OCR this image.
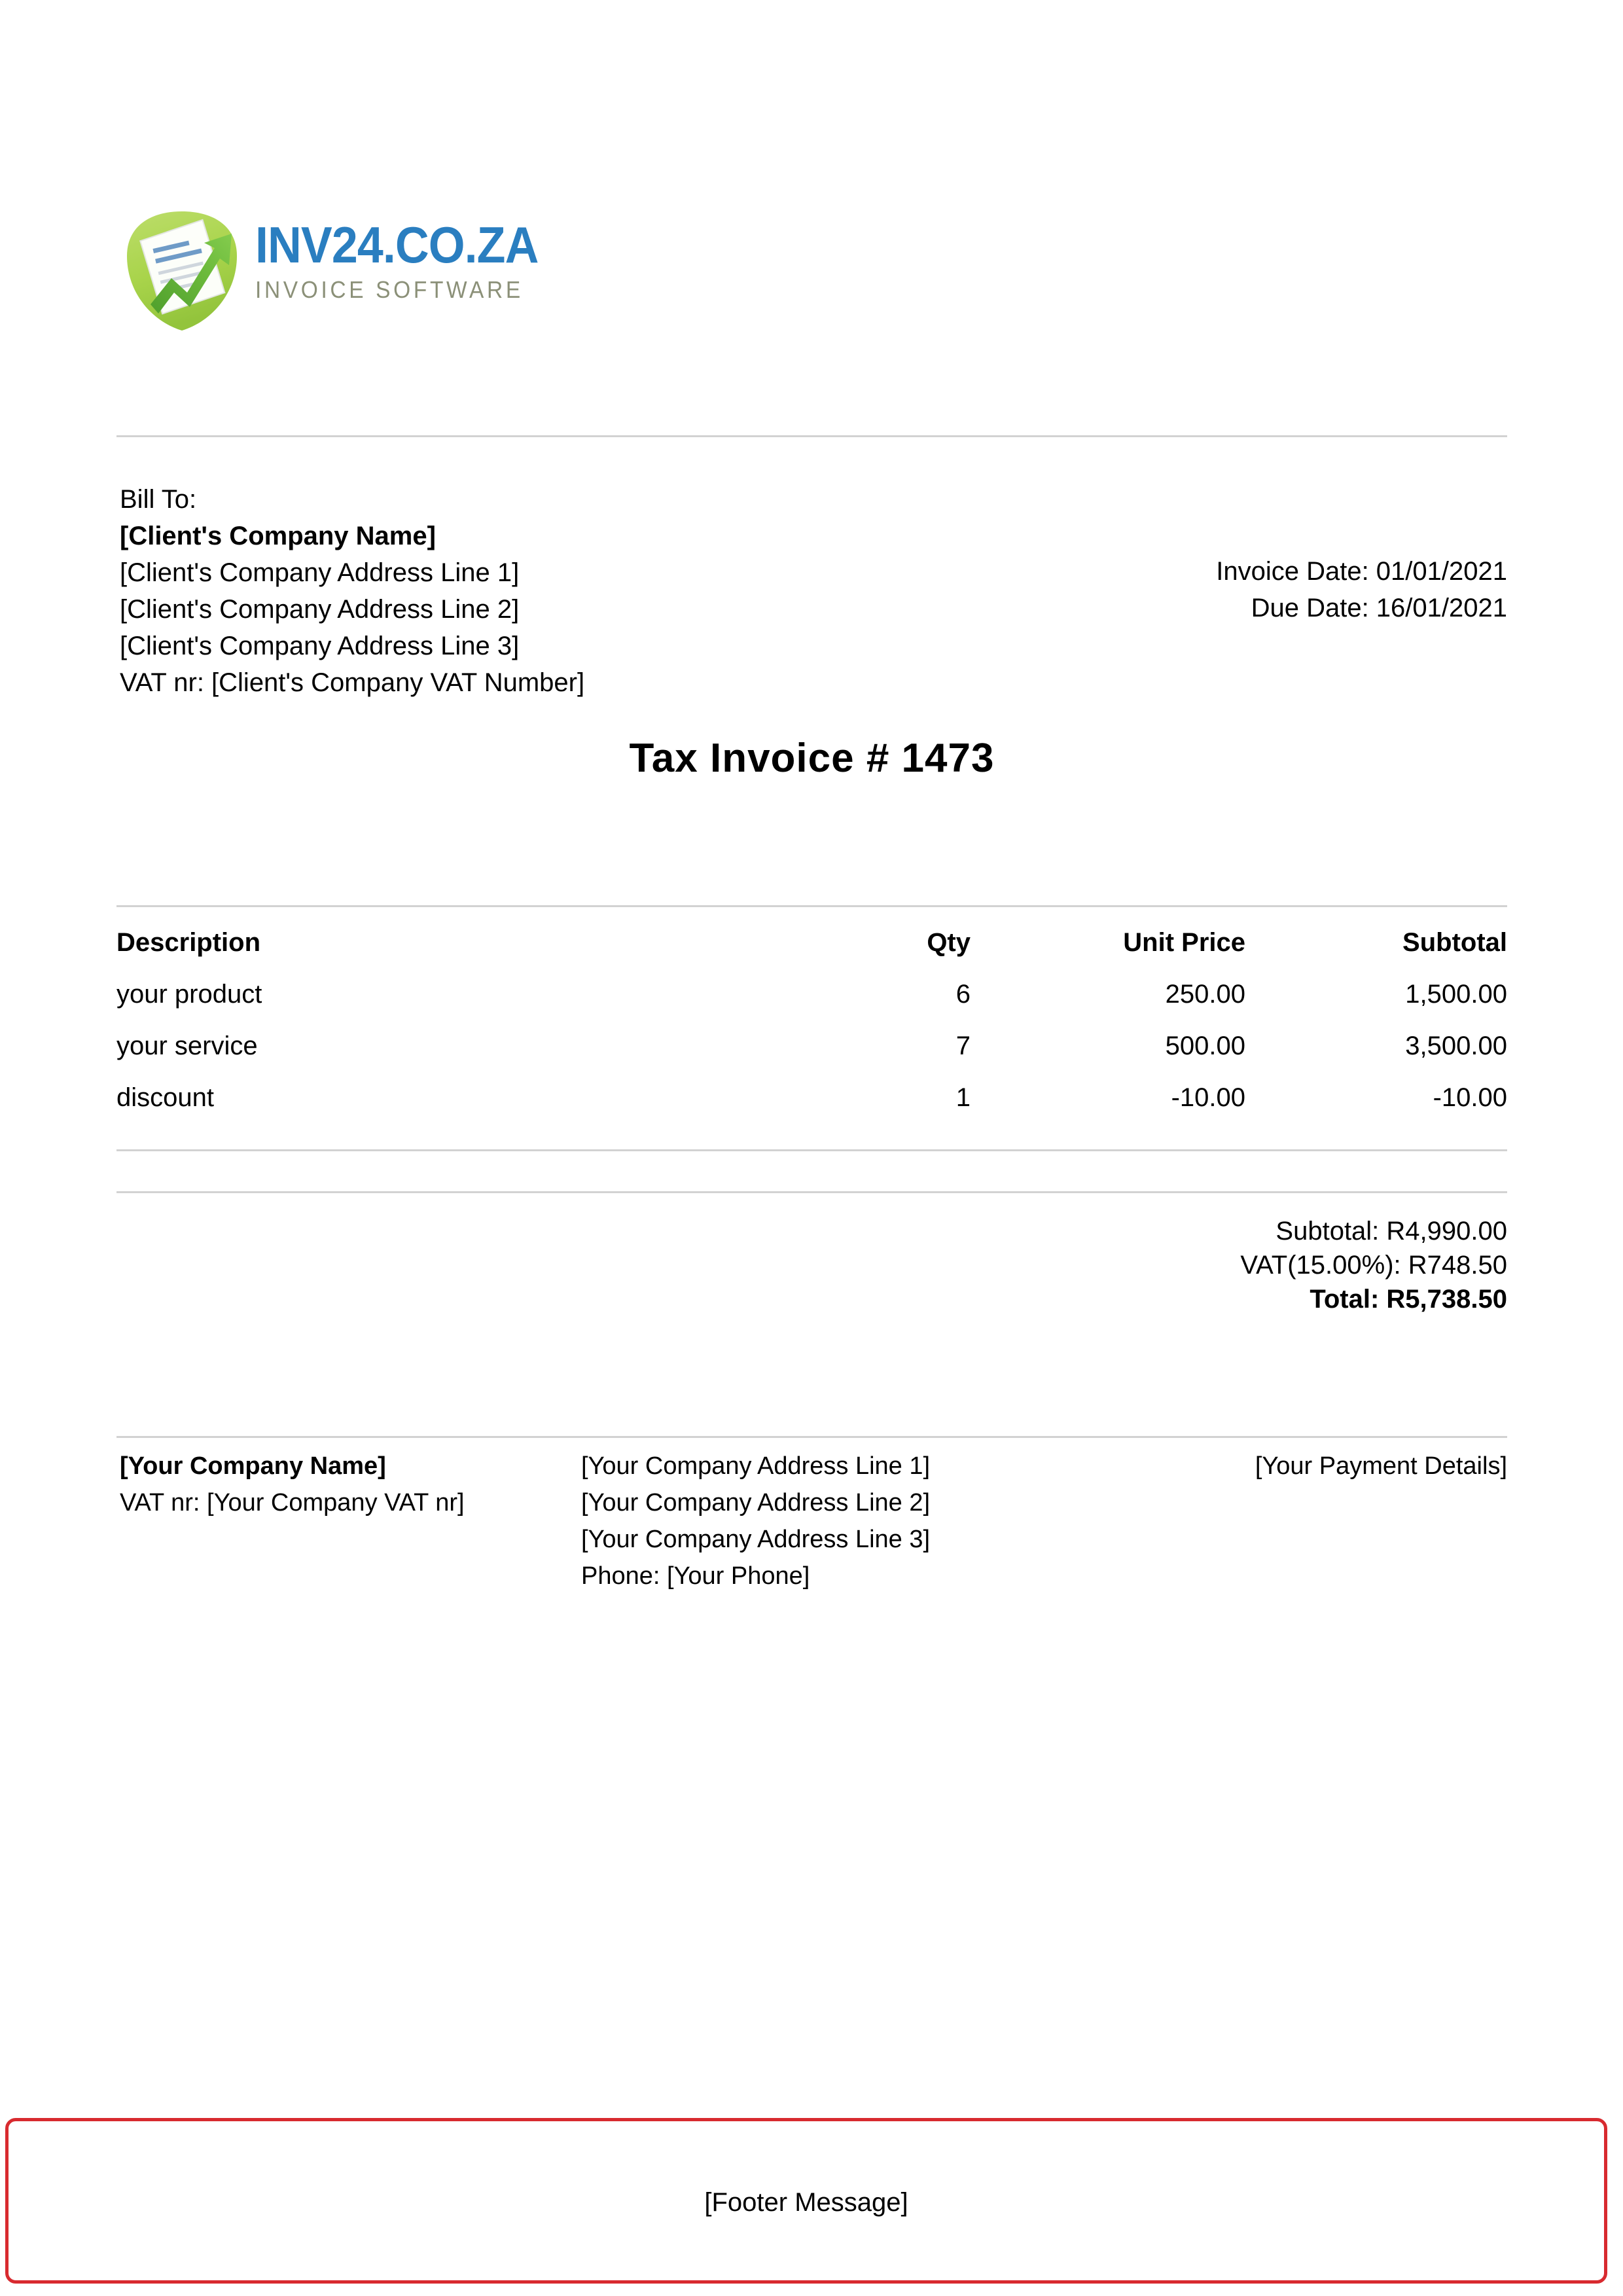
INV24.CO.ZA
INVOICE SOFTWARE
Bill To:
[Client's Company Name]
[Client's Company Address Line 1]
[Client's Company Address Line 2]
[Client's Company Address Line 3]
VAT nr: [Client's Company VAT Number]
Invoice Date: 01/01/2021
Due Date: 16/01/2021
Tax Invoice # 1473
Description	Qty	Unit Price	Subtotal
your product	6	250.00	1,500.00
your service	7	500.00	3,500.00
discount	1	-10.00	-10.00
Subtotal: R4,990.00
VAT(15.00%): R748.50
Total: R5,738.50
[Your Company Name]
VAT nr: [Your Company VAT nr]
[Your Company Address Line 1]
[Your Company Address Line 2]
[Your Company Address Line 3]
Phone: [Your Phone]
[Your Payment Details]
[Footer Message]
